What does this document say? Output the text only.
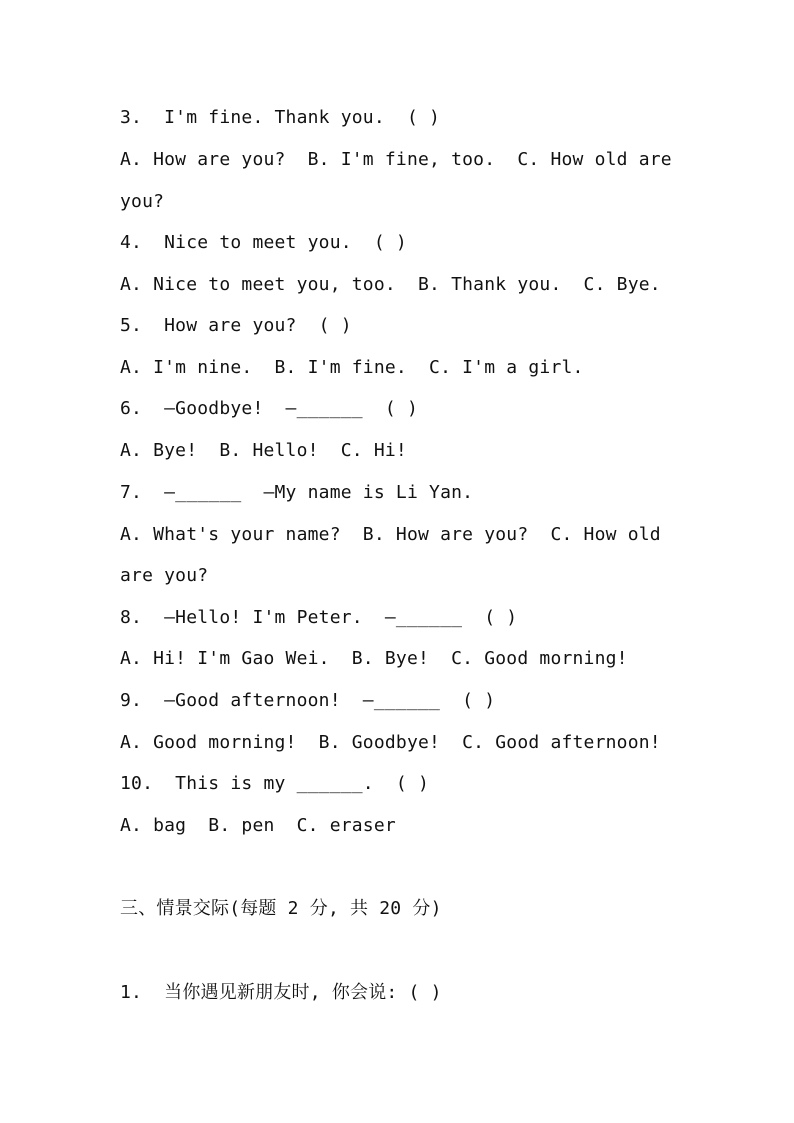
3.  I'm fine. Thank you.  ( )
A. How are you?  B. I'm fine, too.  C. How old are
you?
4.  Nice to meet you.  ( )
A. Nice to meet you, too.  B. Thank you.  C. Bye.
5.  How are you?  ( )
A. I'm nine.  B. I'm fine.  C. I'm a girl.
6.  —Goodbye!  —______  ( )
A. Bye!  B. Hello!  C. Hi!
7.  —______  —My name is Li Yan.
A. What's your name?  B. How are you?  C. How old
are you?
8.  —Hello! I'm Peter.  —______  ( )
A. Hi! I'm Gao Wei.  B. Bye!  C. Good morning!
9.  —Good afternoon!  —______  ( )
A. Good morning!  B. Goodbye!  C. Good afternoon!
10.  This is my ______.  ( )
A. bag  B. pen  C. eraser
三、情景交际(每题 2 分, 共 20 分)
1.  当你遇见新朋友时, 你会说: ( )
